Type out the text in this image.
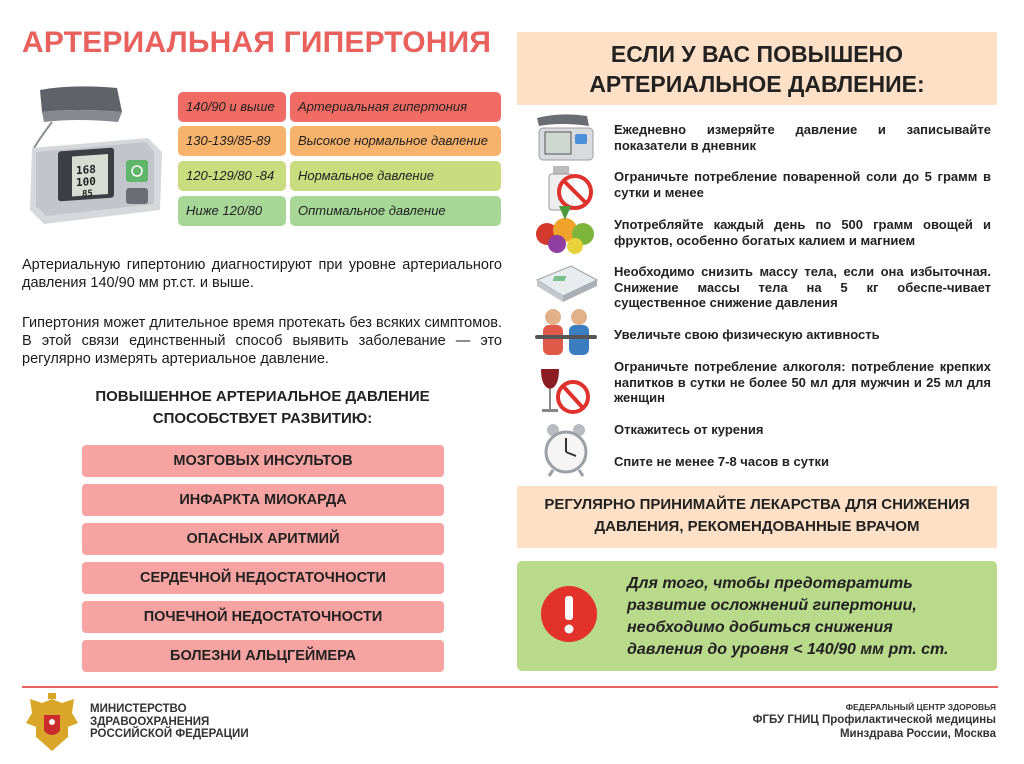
АРТЕРИАЛЬНАЯ ГИПЕРТОНИЯ
168
100
85
140/90 и выше	Артериальная гипертония
130-139/85-89	Высокое нормальное давление
120-129/80 -84	Нормальное давление
Ниже 120/80	Оптимальное давление
Артериальную гипертонию диагностируют при уровне артериального давления 140/90 мм рт.ст. и выше.
Гипертония может длительное время протекать без всяких симптомов. В этой связи единственный способ выявить заболевание — это регулярно измерять артериальное давление.
ПОВЫШЕННОЕ АРТЕРИАЛЬНОЕ ДАВЛЕНИЕ
СПОСОБСТВУЕТ РАЗВИТИЮ:
МОЗГОВЫХ ИНСУЛЬТОВ
ИНФАРКТА МИОКАРДА
ОПАСНЫХ АРИТМИЙ
СЕРДЕЧНОЙ НЕДОСТАТОЧНОСТИ
ПОЧЕЧНОЙ НЕДОСТАТОЧНОСТИ
БОЛЕЗНИ АЛЬЦГЕЙМЕРА
ЕСЛИ У ВАС ПОВЫШЕНО
АРТЕРИАЛЬНОЕ ДАВЛЕНИЕ:
Ежедневно измеряйте давление и записывайте показатели в дневник
Ограничьте потребление поваренной соли до 5 грамм в сутки и менее
Употребляйте каждый день по 500 грамм овощей и фруктов, особенно богатых калием и магнием
Необходимо снизить массу тела, если она избыточная. Снижение массы тела на 5 кг обеспе-чивает существенное снижение давления
Увеличьте свою физическую активность
Ограничьте потребление алкоголя: потребление крепких напитков в сутки не более 50 мл для мужчин и 25 мл для женщин
Откажитесь от курения
Спите не менее 7-8 часов в сутки
РЕГУЛЯРНО ПРИНИМАЙТЕ ЛЕКАРСТВА ДЛЯ СНИЖЕНИЯ
ДАВЛЕНИЯ, РЕКОМЕНДОВАННЫЕ ВРАЧОМ
Для того, чтобы предотвратить
развитие осложнений гипертонии,
необходимо добиться снижения
давления до уровня < 140/90 мм рт. ст.
МИНИСТЕРСТВО
ЗДРАВООХРАНЕНИЯ
РОССИЙСКОЙ ФЕДЕРАЦИИ
ФЕДЕРАЛЬНЫЙ ЦЕНТР ЗДОРОВЬЯ
ФГБУ ГНИЦ Профилактической медицины
Минздрава России, Москва
